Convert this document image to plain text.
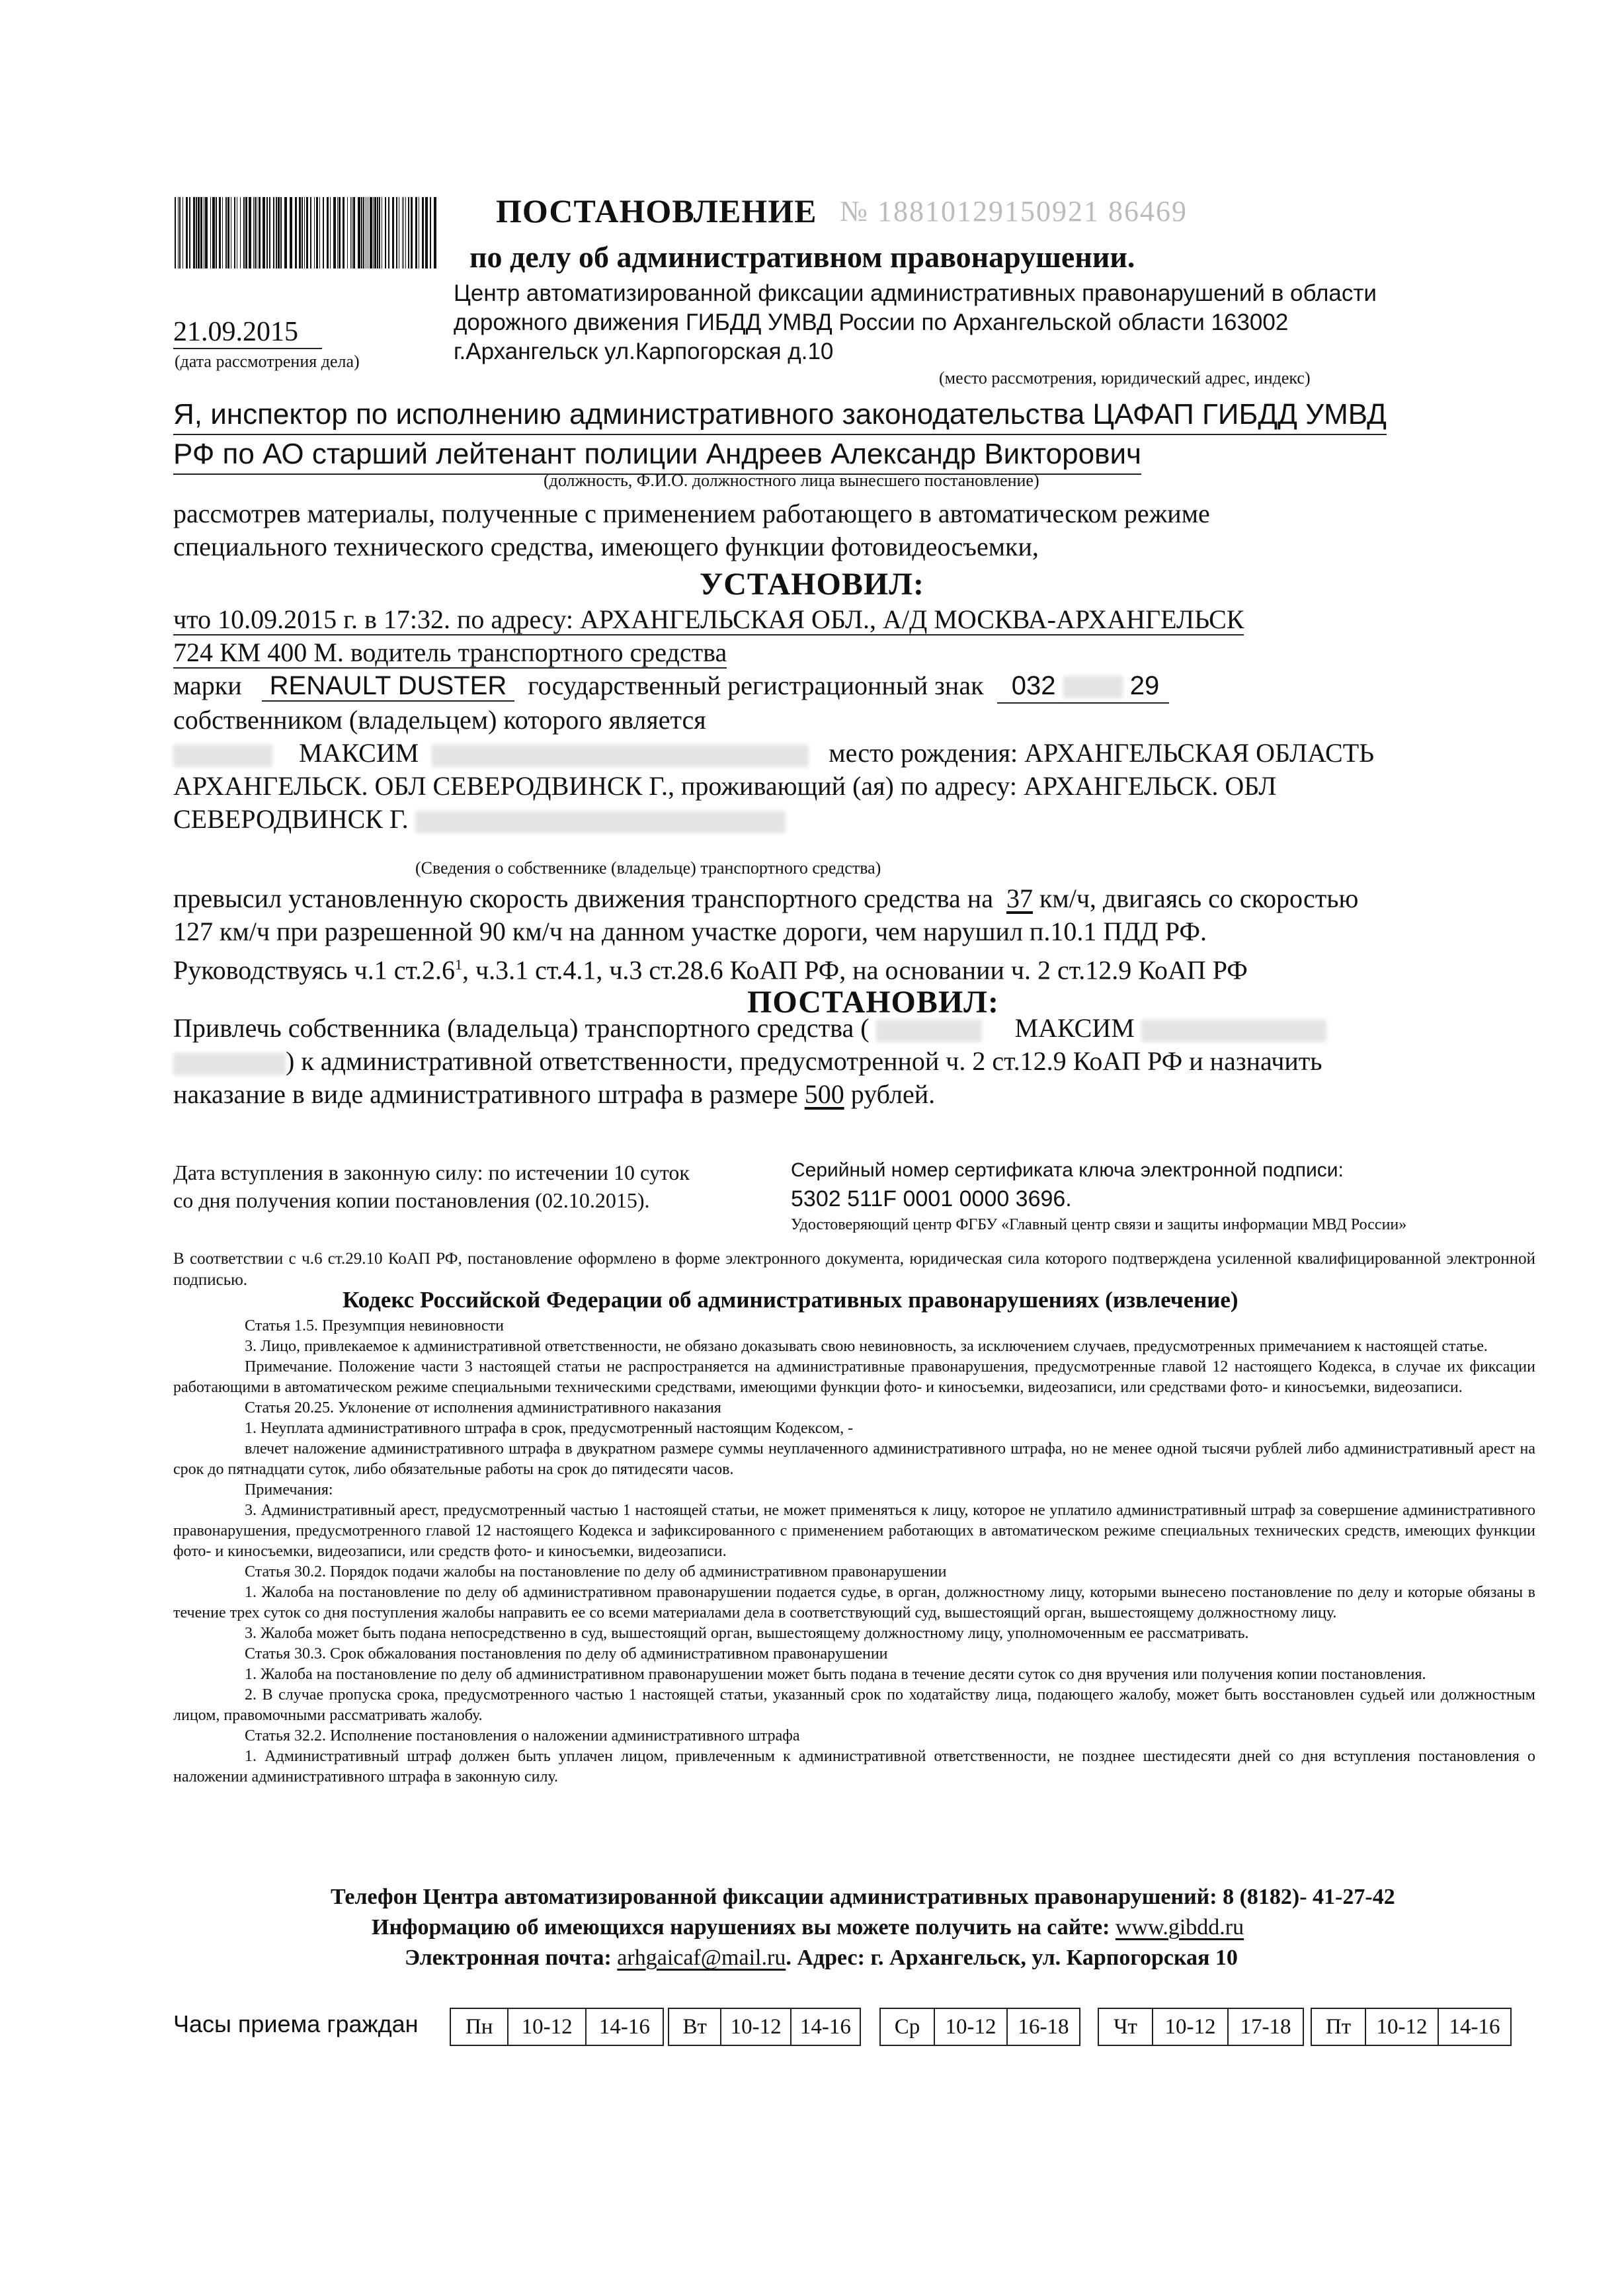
ПОСТАНОВЛЕНИЕ № 18810129150921 86469
по делу об административном правонарушении.
Центр автоматизированной фиксации административных правонарушений в области
дорожного движения ГИБДД УМВД России по Архангельской области 163002
г.Архангельск ул.Карпогорская д.10
21.09.2015
(дата рассмотрения дела)
(место рассмотрения, юридический адрес, индекс)
Я, инспектор по исполнению административного законодательства ЦАФАП ГИБДД УМВД
РФ по АО старший лейтенант полиции Андреев Александр Викторович
(должность, Ф.И.О. должностного лица вынесшего постановление)
рассмотрев материалы, полученные с применением работающего в автоматическом режиме
специального технического средства, имеющего функции фотовидеосъемки,
УСТАНОВИЛ:
что 10.09.2015 г. в 17:32. по адресу: АРХАНГЕЛЬСКАЯ ОБЛ., А/Д МОСКВА-АРХАНГЕЛЬСК
724 КМ 400 М. водитель транспортного средства
марки RENAULT DUSTER государственный регистрационный знак 032	29
собственником (владельцем) которого является
МАКСИМ	место рождения: АРХАНГЕЛЬСКАЯ ОБЛАСТЬ
АРХАНГЕЛЬСК. ОБЛ СЕВЕРОДВИНСК Г., проживающий (ая) по адресу: АРХАНГЕЛЬСК. ОБЛ
СЕВЕРОДВИНСК Г.
(Сведения о собственнике (владельце) транспортного средства)
превысил установленную скорость движения транспортного средства на 37 км/ч, двигаясь со скоростью
127 км/ч при разрешенной 90 км/ч на данном участке дороги, чем нарушил п.10.1 ПДД РФ.
Руководствуясь ч.1 ст.2.6$^1$, ч.3.1 ст.4.1, ч.3 ст.28.6 КоАП РФ, на основании ч. 2 ст.12.9 КоАП РФ
ПОСТАНОВИЛ:
Привлечь собственника (владельца) транспортного средства (	МАКСИМ
) к административной ответственности, предусмотренной ч. 2 ст.12.9 КоАП РФ и назначить
наказание в виде административного штрафа в размере 500 рублей.
Дата вступления в законную силу: по истечении 10 суток
со дня получения копии постановления (02.10.2015).
Серийный номер сертификата ключа электронной подписи:
5302 511F 0001 0000 3696.
Удостоверяющий центр ФГБУ «Главный центр связи и защиты информации МВД России»
В соответствии с ч.6 ст.29.10 КоАП РФ, постановление оформлено в форме электронного документа, юридическая сила которого подтверждена усиленной квалифицированной электронной подписью.
Кодекс Российской Федерации об административных правонарушениях (извлечение)
Статья 1.5. Презумпция невиновности
3. Лицо, привлекаемое к административной ответственности, не обязано доказывать свою невиновность, за исключением случаев, предусмотренных примечанием к настоящей статье.
Примечание. Положение части 3 настоящей статьи не распространяется на административные правонарушения, предусмотренные главой 12 настоящего Кодекса, в случае их фиксации работающими в автоматическом режиме специальными техническими средствами, имеющими функции фото- и киносъемки, видеозаписи, или средствами фото- и киносъемки, видеозаписи.
Статья 20.25. Уклонение от исполнения административного наказания
1. Неуплата административного штрафа в срок, предусмотренный настоящим Кодексом, -
влечет наложение административного штрафа в двукратном размере суммы неуплаченного административного штрафа, но не менее одной тысячи рублей либо административный арест на срок до пятнадцати суток, либо обязательные работы на срок до пятидесяти часов.
Примечания:
3. Административный арест, предусмотренный частью 1 настоящей статьи, не может применяться к лицу, которое не уплатило административный штраф за совершение административного правонарушения, предусмотренного главой 12 настоящего Кодекса и зафиксированного с применением работающих в автоматическом режиме специальных технических средств, имеющих функции фото- и киносъемки, видеозаписи, или средств фото- и киносъемки, видеозаписи.
Статья 30.2. Порядок подачи жалобы на постановление по делу об административном правонарушении
1. Жалоба на постановление по делу об административном правонарушении подается судье, в орган, должностному лицу, которыми вынесено постановление по делу и которые обязаны в течение трех суток со дня поступления жалобы направить ее со всеми материалами дела в соответствующий суд, вышестоящий орган, вышестоящему должностному лицу.
3. Жалоба может быть подана непосредственно в суд, вышестоящий орган, вышестоящему должностному лицу, уполномоченным ее рассматривать.
Статья 30.3. Срок обжалования постановления по делу об административном правонарушении
1. Жалоба на постановление по делу об административном правонарушении может быть подана в течение десяти суток со дня вручения или получения копии постановления.
2. В случае пропуска срока, предусмотренного частью 1 настоящей статьи, указанный срок по ходатайству лица, подающего жалобу, может быть восстановлен судьей или должностным лицом, правомочными рассматривать жалобу.
Статья 32.2. Исполнение постановления о наложении административного штрафа
1. Административный штраф должен быть уплачен лицом, привлеченным к административной ответственности, не позднее шестидесяти дней со дня вступления постановления о наложении административного штрафа в законную силу.
Телефон Центра автоматизированной фиксации административных правонарушений: 8 (8182)- 41-27-42
Информацию об имеющихся нарушениях вы можете получить на сайте: www.gibdd.ru
Электронная почта: arhgaicaf@mail.ru. Адрес: г. Архангельск, ул. Карпогорская 10
Часы приема граждан	Пн	10-12	14-16	Вт	10-12 14-16	Ср	10-12	16-18	Чт	10-12	17-18	Пт	10-12	14-16
